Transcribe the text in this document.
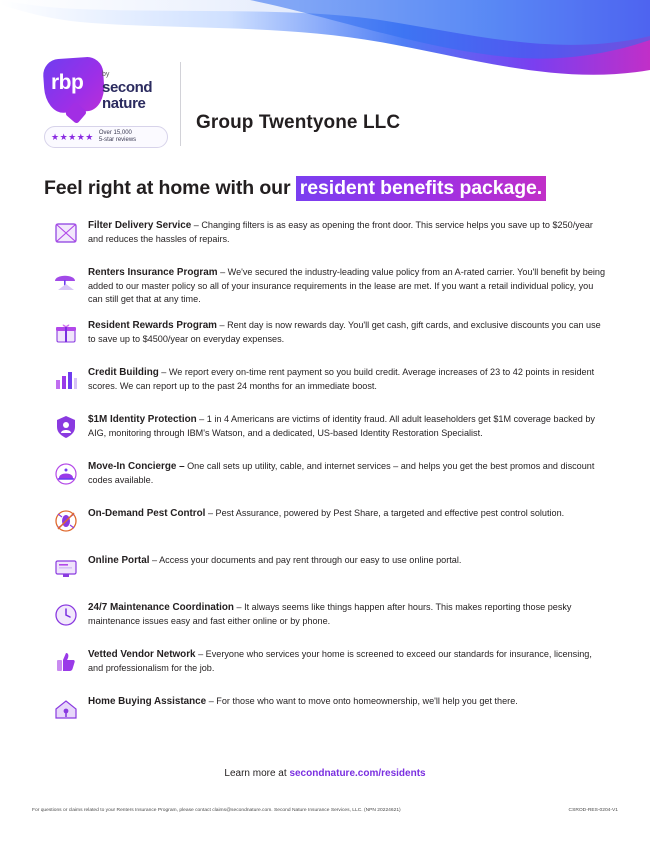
rbp	by
second
nature
★★★★★ Over 15,000
5-star reviews
Group Twentyone LLC
Feel right at home with our resident benefits package.
Filter Delivery Service – Changing filters is as easy as opening the front door. This service helps you save up to $250/year and reduces the hassles of repairs.
Renters Insurance Program – We've secured the industry-leading value policy from an A-rated carrier. You'll benefit by being added to our master policy so all of your insurance requirements in the lease are met. If you want a retail individual policy, you can still get that at any time.
Resident Rewards Program – Rent day is now rewards day. You'll get cash, gift cards, and exclusive discounts you can use to save up to $4500/year on everyday expenses.
Credit Building – We report every on-time rent payment so you build credit. Average increases of 23 to 42 points in resident scores. We can report up to the past 24 months for an immediate boost.
$1M Identity Protection – 1 in 4 Americans are victims of identity fraud. All adult leaseholders get $1M coverage backed by AIG, monitoring through IBM's Watson, and a dedicated, US-based Identity Restoration Specialist.
Move-In Concierge – One call sets up utility, cable, and internet services – and helps you get the best promos and discount codes available.
On-Demand Pest Control – Pest Assurance, powered by Pest Share, a targeted and effective pest control solution.
Online Portal – Access your documents and pay rent through our easy to use online portal.
24/7 Maintenance Coordination – It always seems like things happen after hours. This makes reporting those pesky maintenance issues easy and fast either online or by phone.
Vetted Vendor Network – Everyone who services your home is screened to exceed our standards for insurance, licensing, and professionalism for the job.
Home Buying Assistance – For those who want to move onto homeownership, we'll help you get there.
Learn more at secondnature.com/residents
For questions or claims related to your Renters Insurance Program, please contact claims@secondnature.com. Second Nature Insurance Services, LLC. (NPN 20224621)	CSROD-RES-0204-V1
